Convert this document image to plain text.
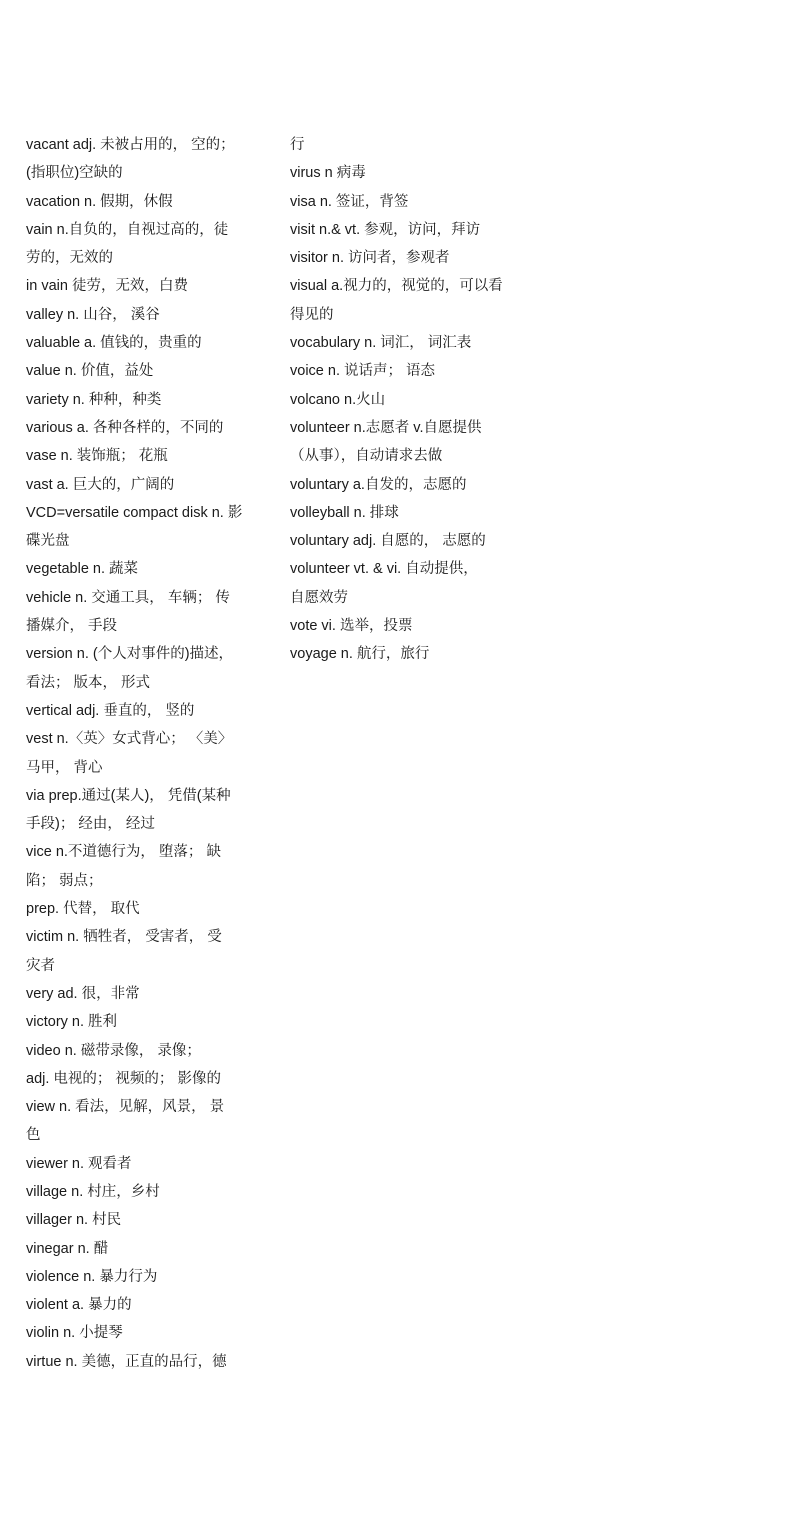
vacant adj. 未被占用的， 空的；
(指职位)空缺的
vacation n. 假期，休假
vain n.自负的，自视过高的，徒
劳的，无效的
in vain 徒劳，无效，白费
valley n. 山谷， 溪谷
valuable a. 值钱的，贵重的
value n. 价值，益处
variety n. 种种，种类
various a. 各种各样的，不同的
vase n. 装饰瓶； 花瓶
vast a. 巨大的，广阔的
VCD=versatile compact disk n. 影
碟光盘
vegetable n. 蔬菜
vehicle n. 交通工具， 车辆； 传
播媒介， 手段
version n. (个人对事件的)描述，
看法； 版本， 形式
vertical adj. 垂直的， 竖的
vest n.〈英〉女式背心； 〈美〉
马甲， 背心
via prep.通过(某人)， 凭借(某种
手段)； 经由， 经过
vice n.不道德行为， 堕落； 缺
陷； 弱点；
prep. 代替， 取代
victim n. 牺牲者， 受害者， 受
灾者
very ad. 很，非常
victory n. 胜利
video n. 磁带录像， 录像；
adj. 电视的； 视频的； 影像的
view n. 看法，见解，风景， 景
色
viewer n. 观看者
village n. 村庄，乡村
villager n. 村民
vinegar n. 醋
violence n. 暴力行为
violent a. 暴力的
violin n. 小提琴
virtue n. 美德，正直的品行，德
行
virus n 病毒
visa n. 签证，背签
visit n.& vt. 参观，访问，拜访
visitor n. 访问者，参观者
visual a.视力的，视觉的，可以看
得见的
vocabulary n. 词汇， 词汇表
voice n. 说话声； 语态
volcano n.火山
volunteer n.志愿者 v.自愿提供
（从事），自动请求去做
voluntary a.自发的，志愿的
volleyball n. 排球
voluntary adj. 自愿的， 志愿的
volunteer vt. & vi. 自动提供，
自愿效劳
vote vi. 选举，投票
voyage n. 航行，旅行
